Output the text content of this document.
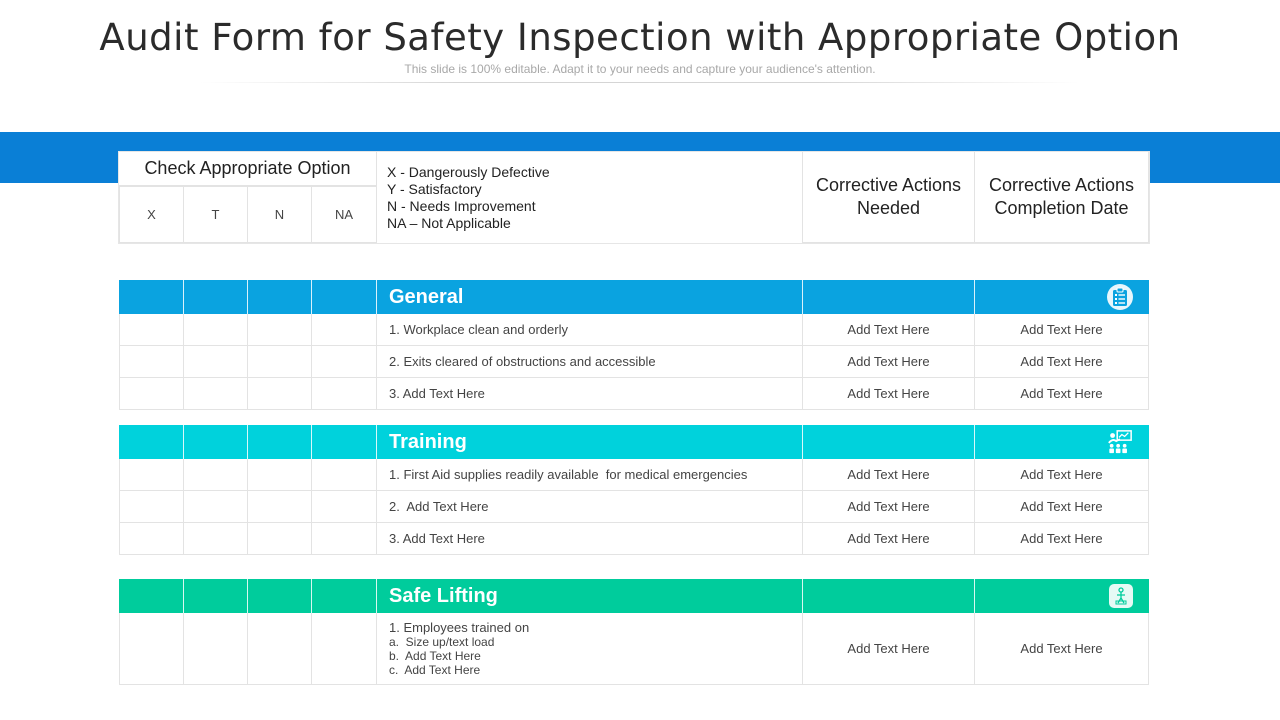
Audit Form for Safety Inspection with Appropriate Option
This slide is 100% editable. Adapt it to your needs and capture your audience's attention.
Check Appropriate Option
X	T	N	NA
X - Dangerously Defective
Y - Satisfactory
N - Needs Improvement
NA – Not Applicable
Corrective Actions Needed
Corrective Actions Completion Date
General
1. Workplace clean and orderly	Add Text Here	Add Text Here
2. Exits cleared of obstructions and accessible	Add Text Here	Add Text Here
3. Add Text Here	Add Text Here	Add Text Here
Training
1. First Aid supplies readily available  for medical emergencies	Add Text Here	Add Text Here
2.  Add Text Here	Add Text Here	Add Text Here
3. Add Text Here	Add Text Here	Add Text Here
Safe Lifting
1. Employees trained on
a.  Size up/text load
b.  Add Text Here
c.  Add Text Here
Add Text Here	Add Text Here
